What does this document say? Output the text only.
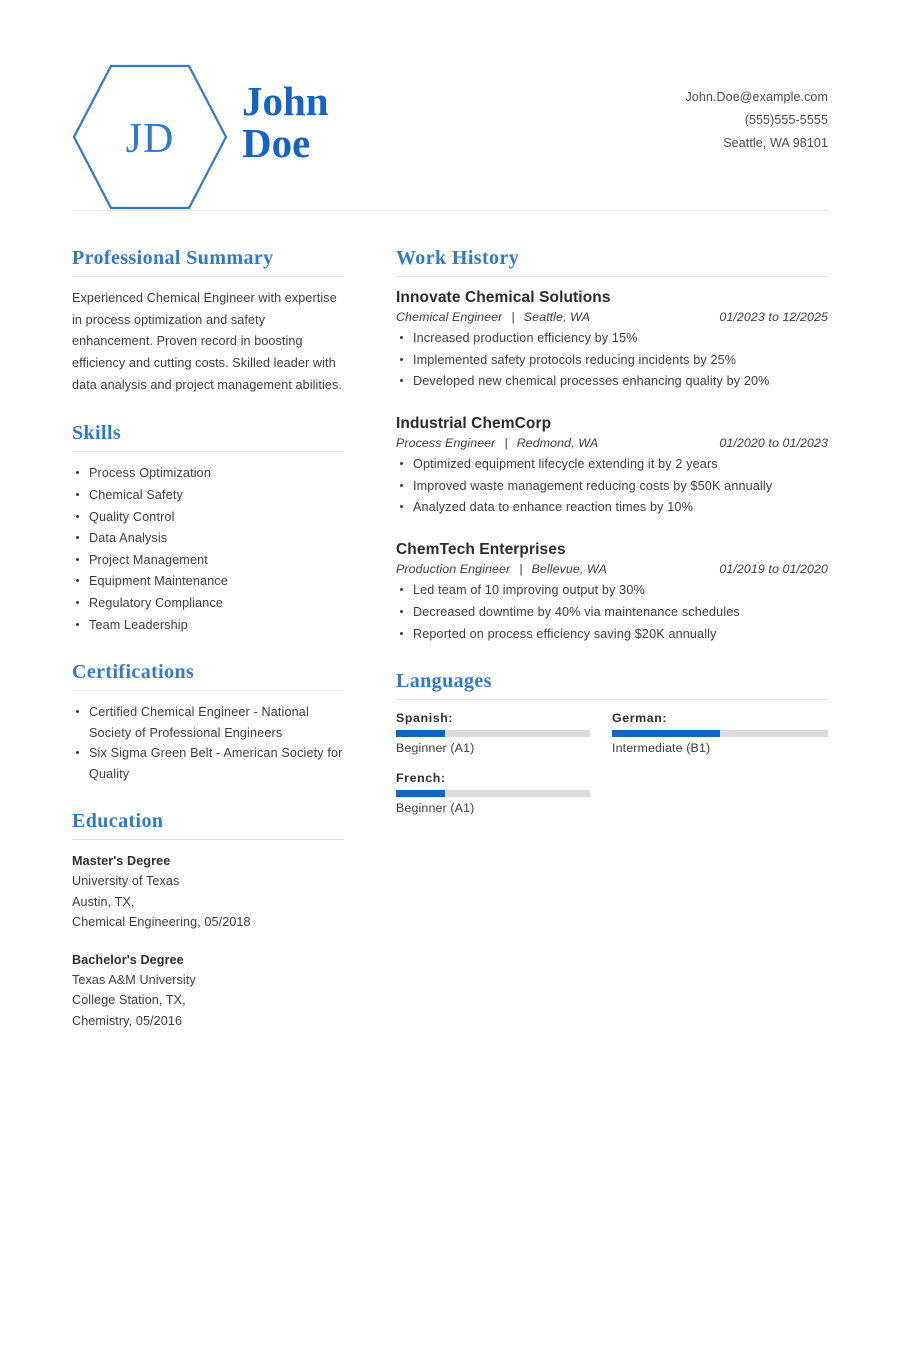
JD
John
Doe
John.Doe@example.com
(555)555-5555
Seattle, WA 98101
Professional Summary
Experienced Chemical Engineer with expertise in process optimization and safety enhancement. Proven record in boosting efficiency and cutting costs. Skilled leader with data analysis and project management abilities.
Skills
Process Optimization
Chemical Safety
Quality Control
Data Analysis
Project Management
Equipment Maintenance
Regulatory Compliance
Team Leadership
Certifications
Certified Chemical Engineer - National Society of Professional Engineers
Six Sigma Green Belt - American Society for Quality
Education
Master's Degree
University of Texas
Austin, TX,
Chemical Engineering, 05/2018
Bachelor's Degree
Texas A&M University
College Station, TX,
Chemistry, 05/2016
Work History
Innovate Chemical Solutions
Chemical Engineer | Seattle, WA	01/2023 to 12/2025
Increased production efficiency by 15%
Implemented safety protocols reducing incidents by 25%
Developed new chemical processes enhancing quality by 20%
Industrial ChemCorp
Process Engineer | Redmond, WA	01/2020 to 01/2023
Optimized equipment lifecycle extending it by 2 years
Improved waste management reducing costs by $50K annually
Analyzed data to enhance reaction times by 10%
ChemTech Enterprises
Production Engineer | Bellevue, WA	01/2019 to 01/2020
Led team of 10 improving output by 30%
Decreased downtime by 40% via maintenance schedules
Reported on process efficiency saving $20K annually
Languages
Spanish:
Beginner (A1)
German:
Intermediate (B1)
French:
Beginner (A1)
